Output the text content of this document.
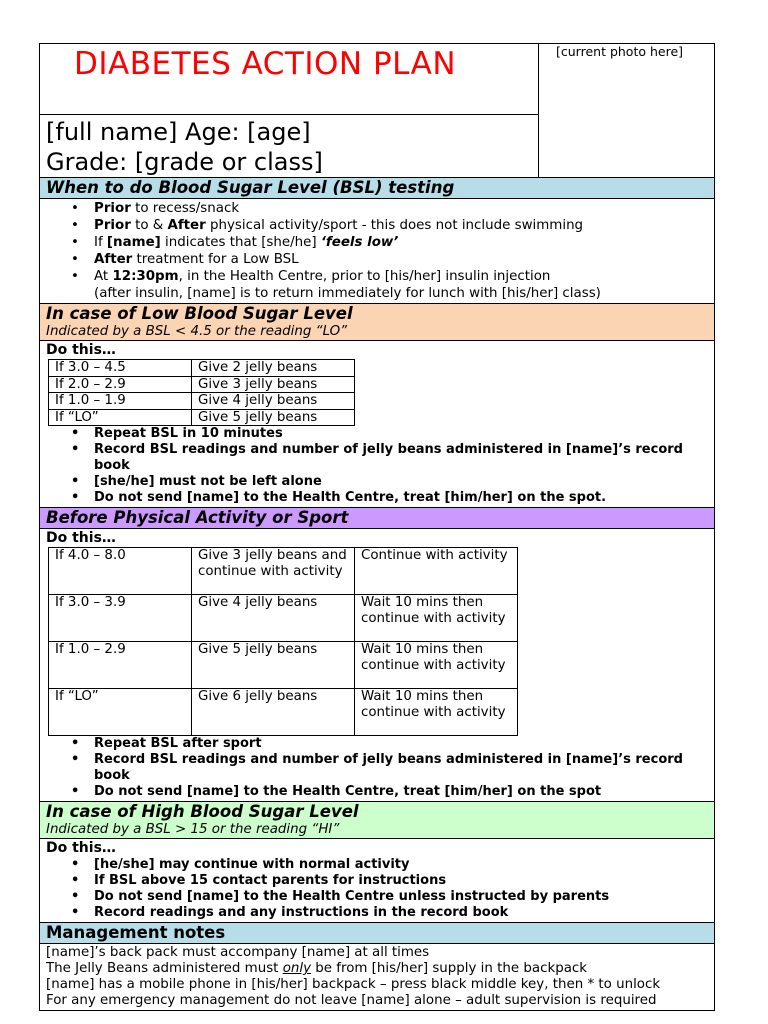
DIABETES ACTION PLAN
[full name] Age: [age]
Grade: [grade or class]
[current photo here]
When to do Blood Sugar Level (BSL) testing
• Prior to recess/snack
• Prior to & After physical activity/sport - this does not include swimming
• If [name] indicates that [she/he] ‘feels low’
• After treatment for a Low BSL
• At 12:30pm, in the Health Centre, prior to [his/her] insulin injection
(after insulin, [name] is to return immediately for lunch with [his/her] class)
In case of Low Blood Sugar Level
Indicated by a BSL < 4.5 or the reading “LO”
Do this…
If 3.0 – 4.5	Give 2 jelly beans
If 2.0 – 2.9	Give 3 jelly beans
If 1.0 – 1.9	Give 4 jelly beans
If “LO”	Give 5 jelly beans
• Repeat BSL in 10 minutes
• Record BSL readings and number of jelly beans administered in [name]’s record
book
• [she/he] must not be left alone
• Do not send [name] to the Health Centre, treat [him/her] on the spot.
Before Physical Activity or Sport
Do this…
If 4.0 – 8.0	Give 3 jelly beans and continue with activity	Continue with activity
If 3.0 – 3.9	Give 4 jelly beans	Wait 10 mins then continue with activity
If 1.0 – 2.9	Give 5 jelly beans	Wait 10 mins then continue with activity
If “LO”	Give 6 jelly beans	Wait 10 mins then continue with activity
• Repeat BSL after sport
• Record BSL readings and number of jelly beans administered in [name]’s record
book
• Do not send [name] to the Health Centre, treat [him/her] on the spot
In case of High Blood Sugar Level
Indicated by a BSL > 15 or the reading “HI”
Do this…
• [he/she] may continue with normal activity
• If BSL above 15 contact parents for instructions
• Do not send [name] to the Health Centre unless instructed by parents
• Record readings and any instructions in the record book
Management notes
[name]’s back pack must accompany [name] at all times
The Jelly Beans administered must only be from [his/her] supply in the backpack
[name] has a mobile phone in [his/her] backpack – press black middle key, then * to unlock
For any emergency management do not leave [name] alone – adult supervision is required
